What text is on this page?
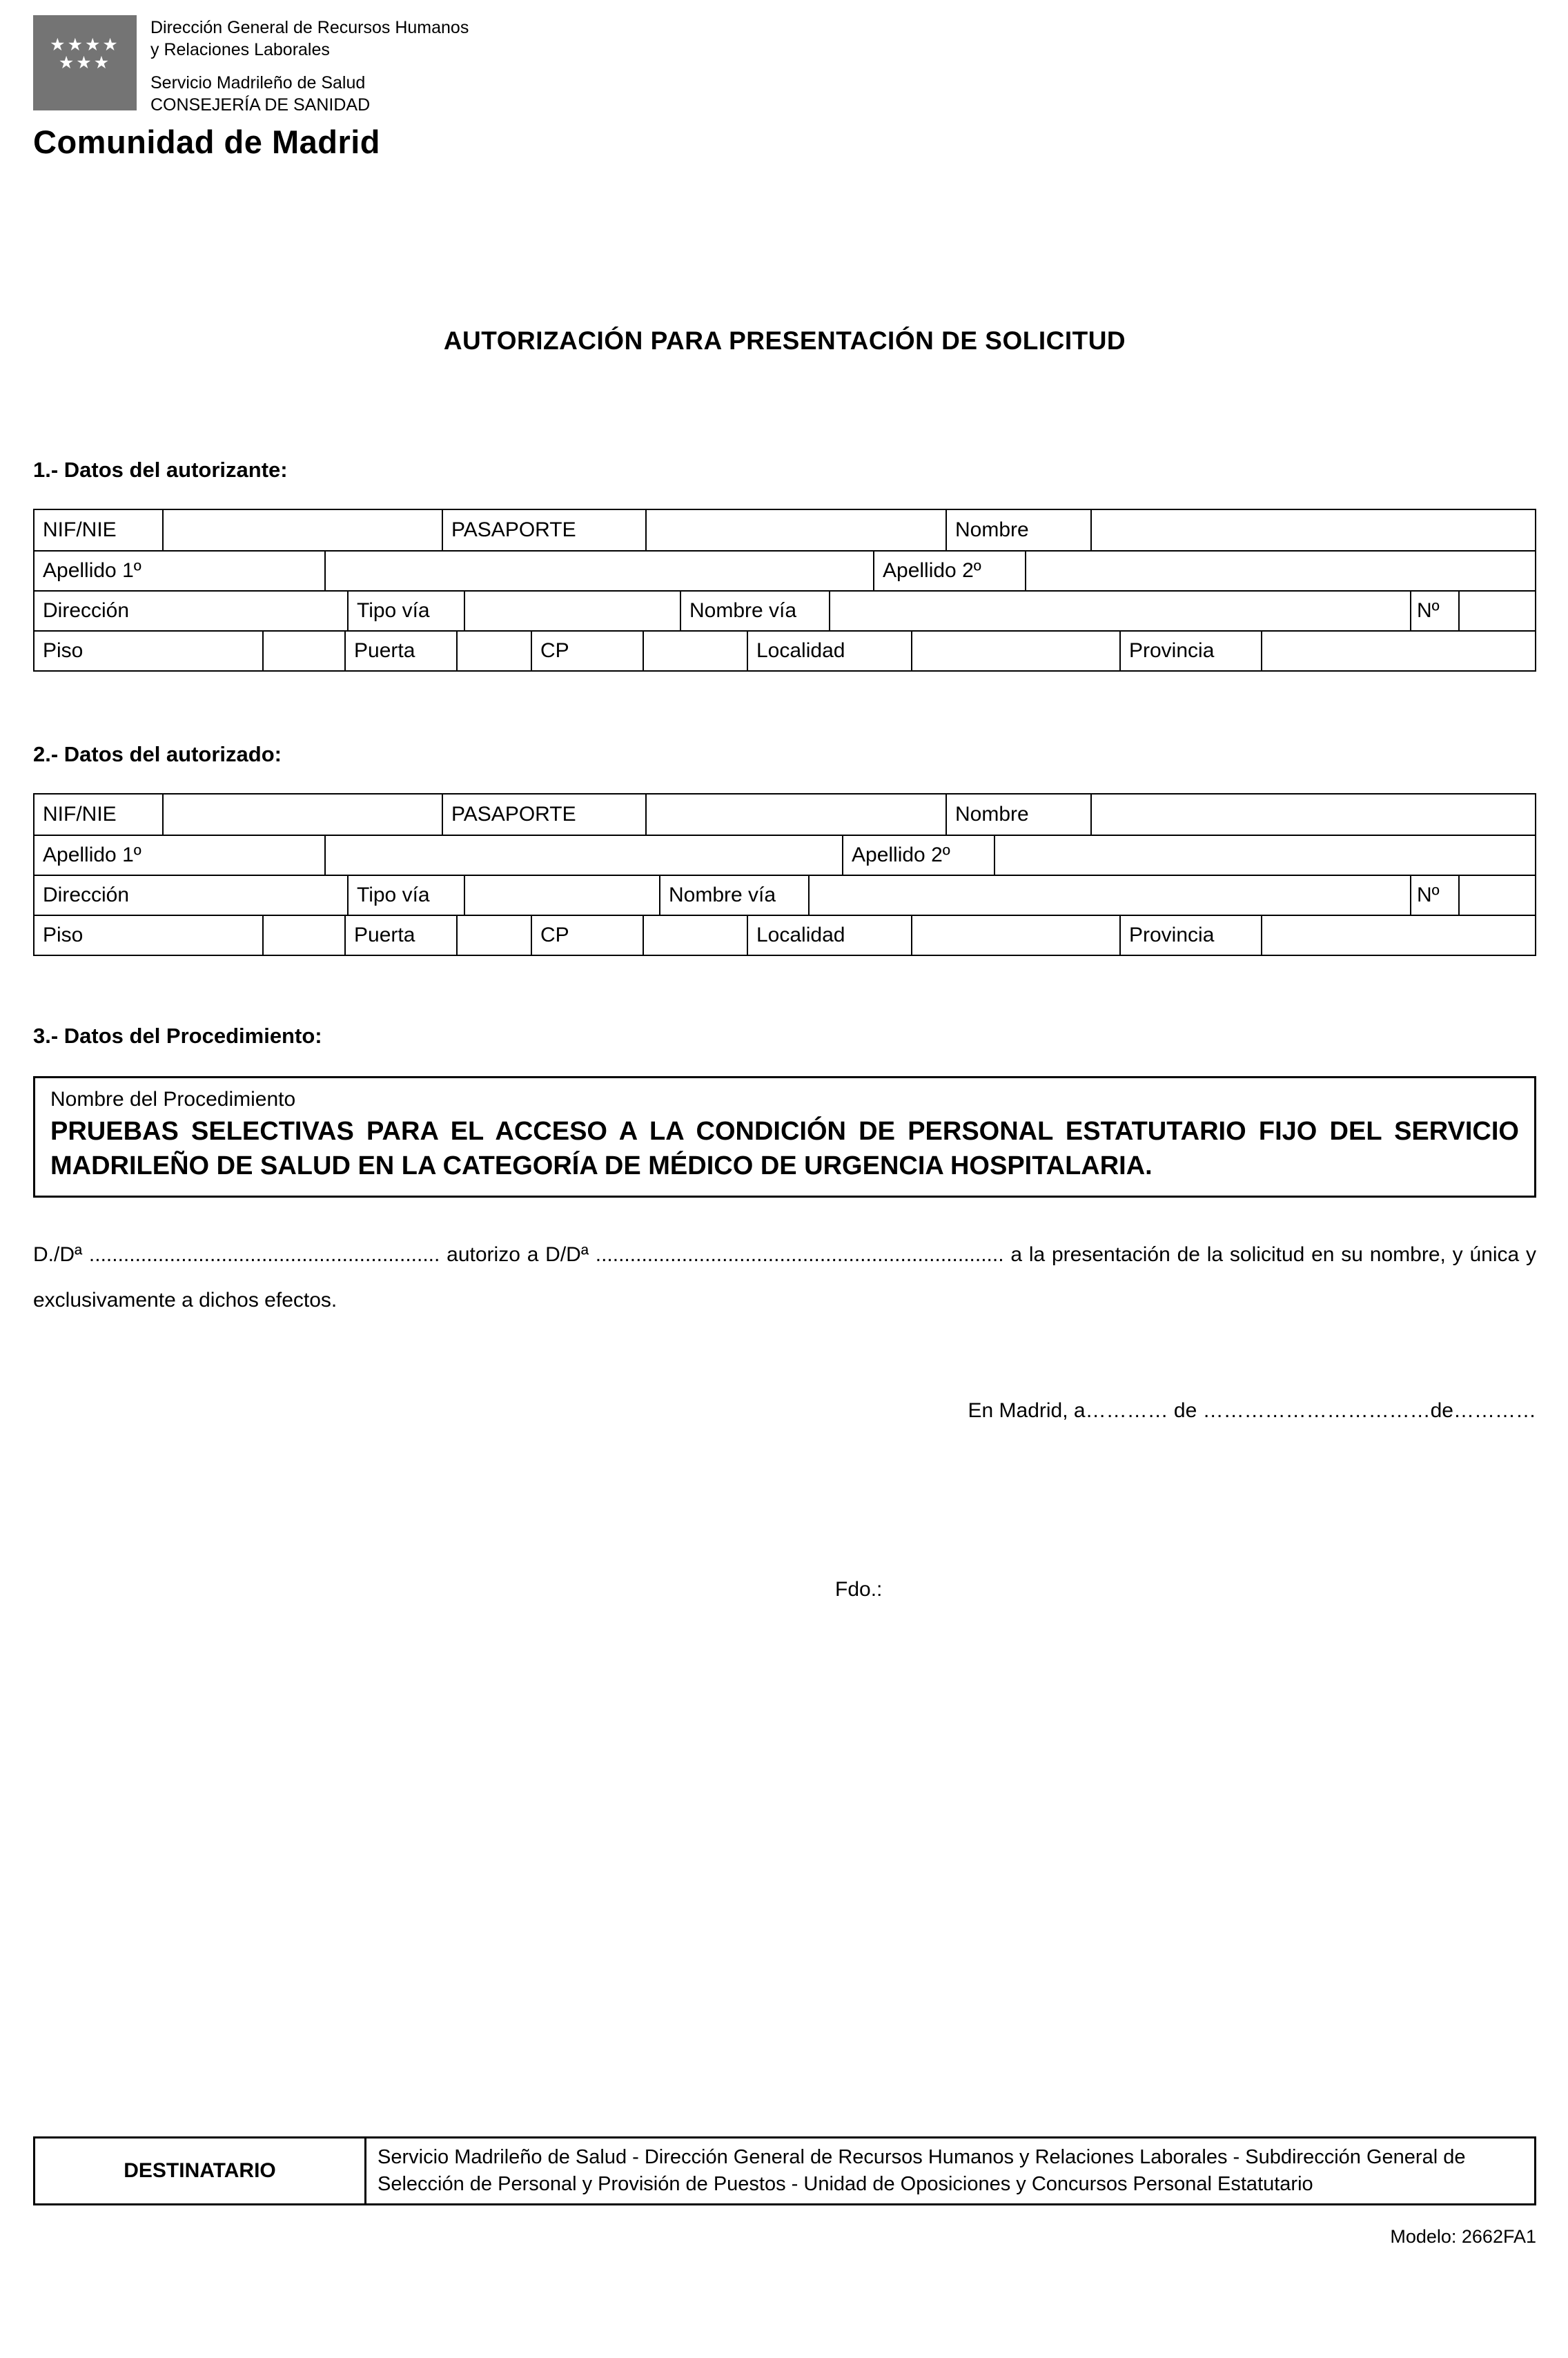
★★★★
★★★
Dirección General de Recursos Humanos
y Relaciones Laborales
Servicio Madrileño de Salud
CONSEJERÍA DE SANIDAD
Comunidad de Madrid
AUTORIZACIÓN PARA PRESENTACIÓN DE SOLICITUD
1.- Datos del autorizante:
NIF/NIE	PASAPORTE	Nombre
Apellido 1º	Apellido 2º
Dirección	Tipo vía	Nombre vía	Nº
Piso	Puerta	CP	Localidad	Provincia
2.- Datos del autorizado:
NIF/NIE	PASAPORTE	Nombre
Apellido 1º	Apellido 2º
Dirección	Tipo vía	Nombre vía	Nº
Piso	Puerta	CP	Localidad	Provincia
3.- Datos del Procedimiento:
Nombre del Procedimiento
PRUEBAS SELECTIVAS PARA EL ACCESO A LA CONDICIÓN DE PERSONAL ESTATUTARIO FIJO DEL SERVICIO MADRILEÑO DE SALUD EN LA CATEGORÍA DE MÉDICO DE URGENCIA HOSPITALARIA.
D./Dª ............................................................. autorizo a D/Dª ....................................................................... a la presentación de la solicitud en su nombre, y única y exclusivamente a dichos efectos.
En Madrid, a………… de ……………………………de…………
Fdo.:
DESTINATARIO
Servicio Madrileño de Salud - Dirección General de Recursos Humanos y Relaciones Laborales - Subdirección General de Selección de Personal y Provisión de Puestos - Unidad de Oposiciones y Concursos Personal Estatutario
Modelo: 2662FA1
